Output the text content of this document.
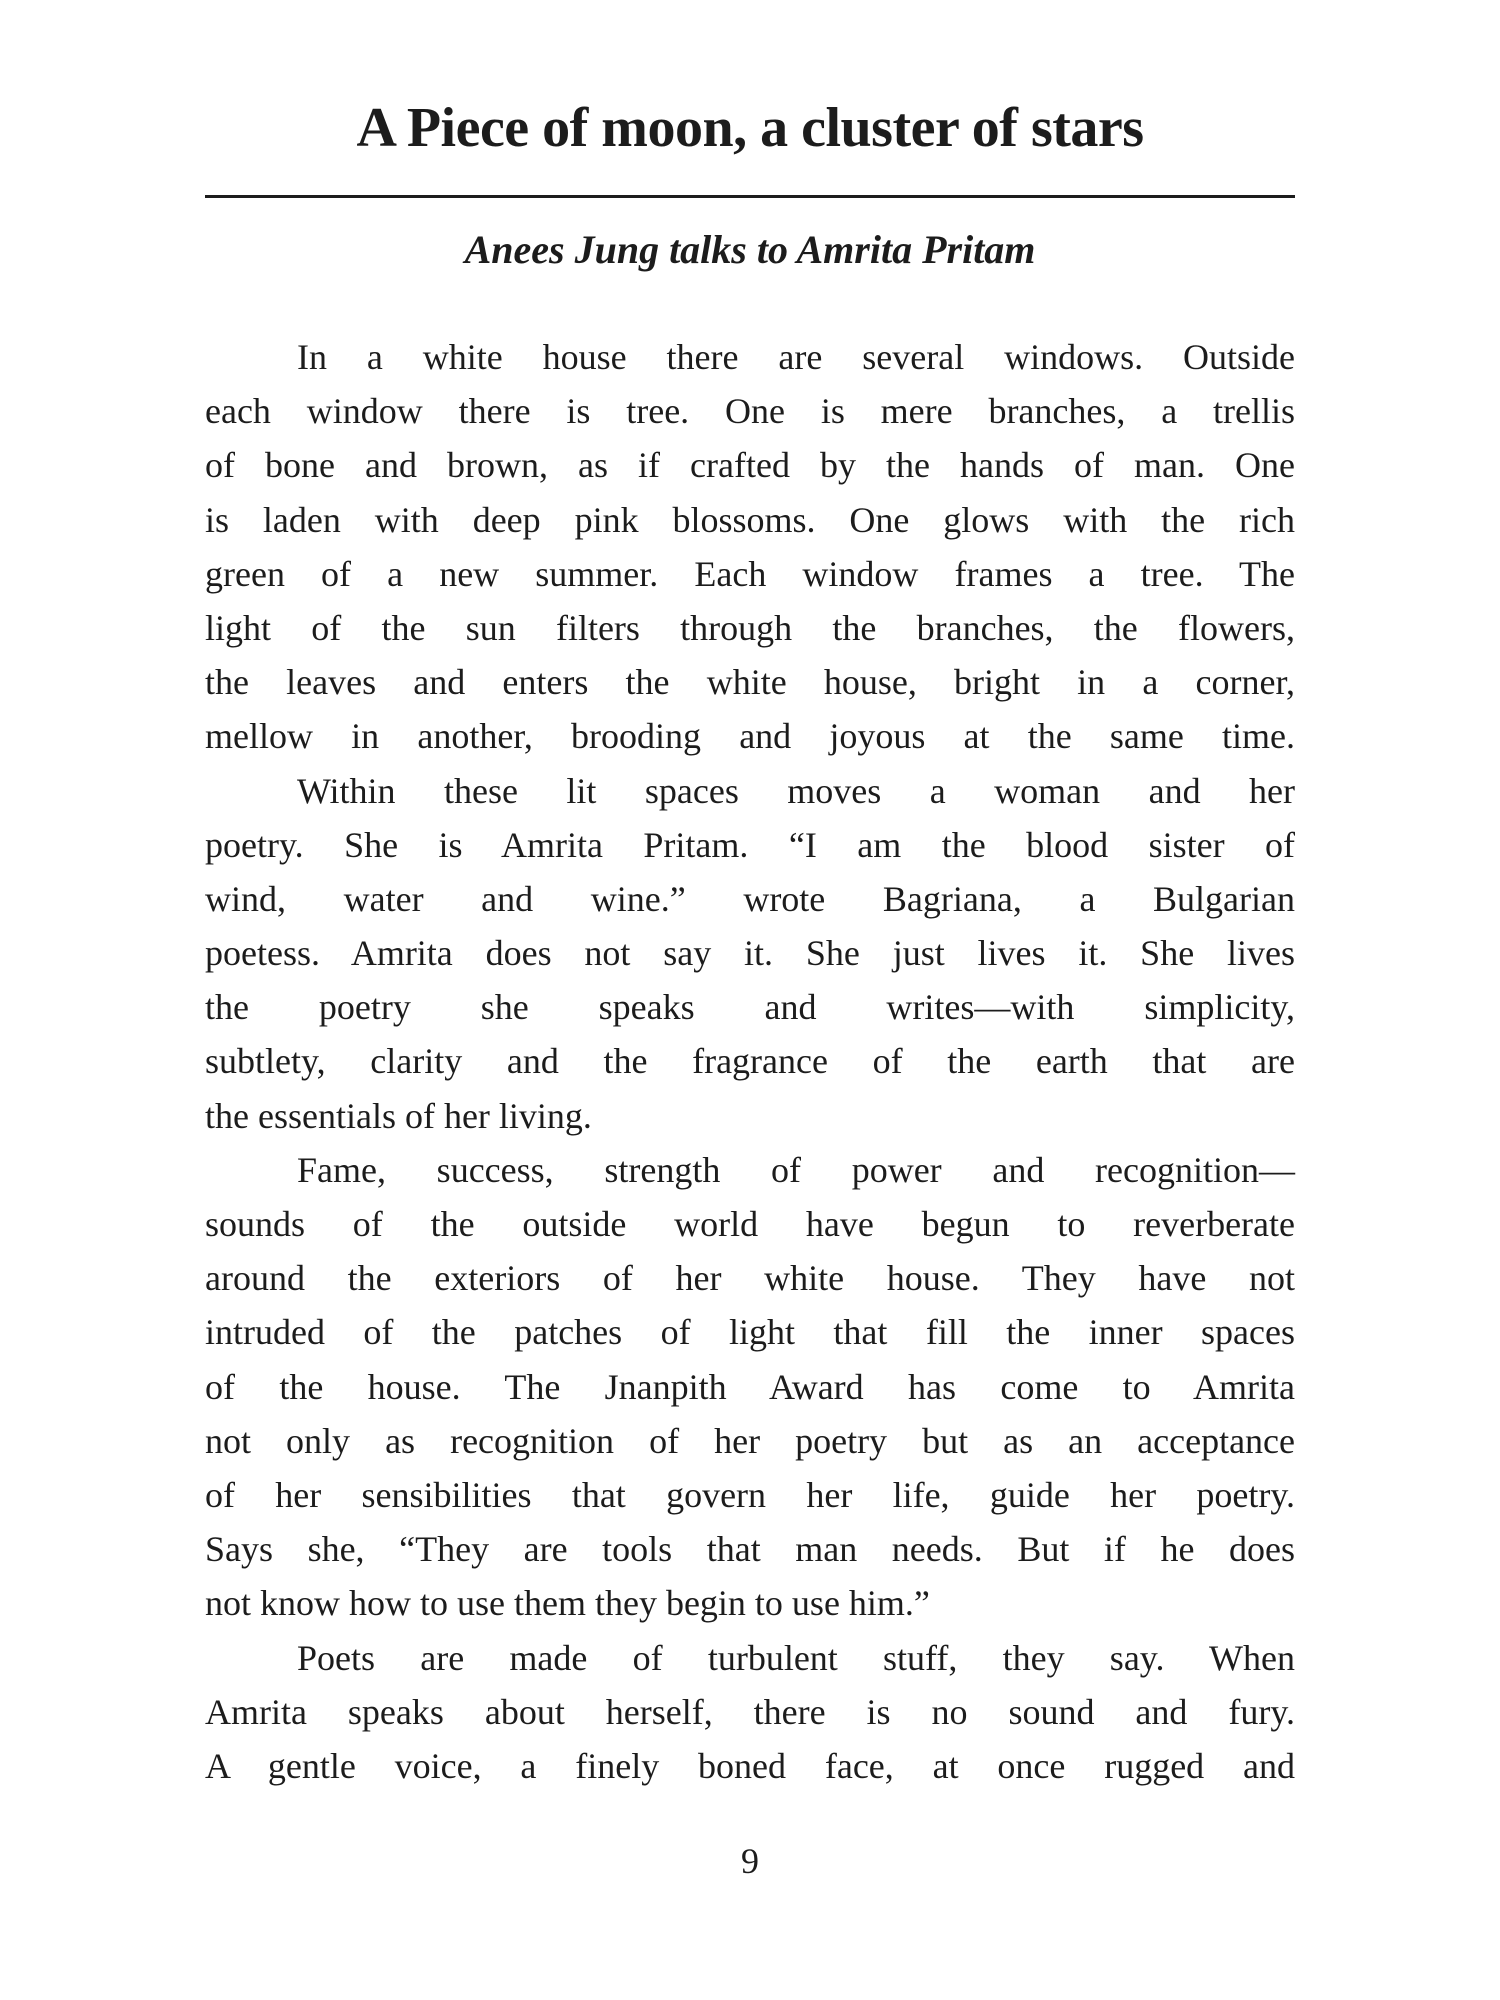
A Piece of moon, a cluster of stars
Anees Jung talks to Amrita Pritam
In a white house there are several windows. Outside
each window there is tree. One is mere branches, a trellis
of bone and brown, as if crafted by the hands of man. One
is laden with deep pink blossoms. One glows with the rich
green of a new summer. Each window frames a tree. The
light of the sun filters through the branches, the flowers,
the leaves and enters the white house, bright in a corner,
mellow in another, brooding and joyous at the same time.
Within these lit spaces moves a woman and her
poetry. She is Amrita Pritam. “I am the blood sister of
wind, water and wine.” wrote Bagriana, a Bulgarian
poetess. Amrita does not say it. She just lives it. She lives
the poetry she speaks and writes—with simplicity,
subtlety, clarity and the fragrance of the earth that are
the essentials of her living.
Fame, success, strength of power and recognition—
sounds of the outside world have begun to reverberate
around the exteriors of her white house. They have not
intruded of the patches of light that fill the inner spaces
of the house. The Jnanpith Award has come to Amrita
not only as recognition of her poetry but as an acceptance
of her sensibilities that govern her life, guide her poetry.
Says she, “They are tools that man needs. But if he does
not know how to use them they begin to use him.”
Poets are made of turbulent stuff, they say. When
Amrita speaks about herself, there is no sound and fury.
A gentle voice, a finely boned face, at once rugged and
9
